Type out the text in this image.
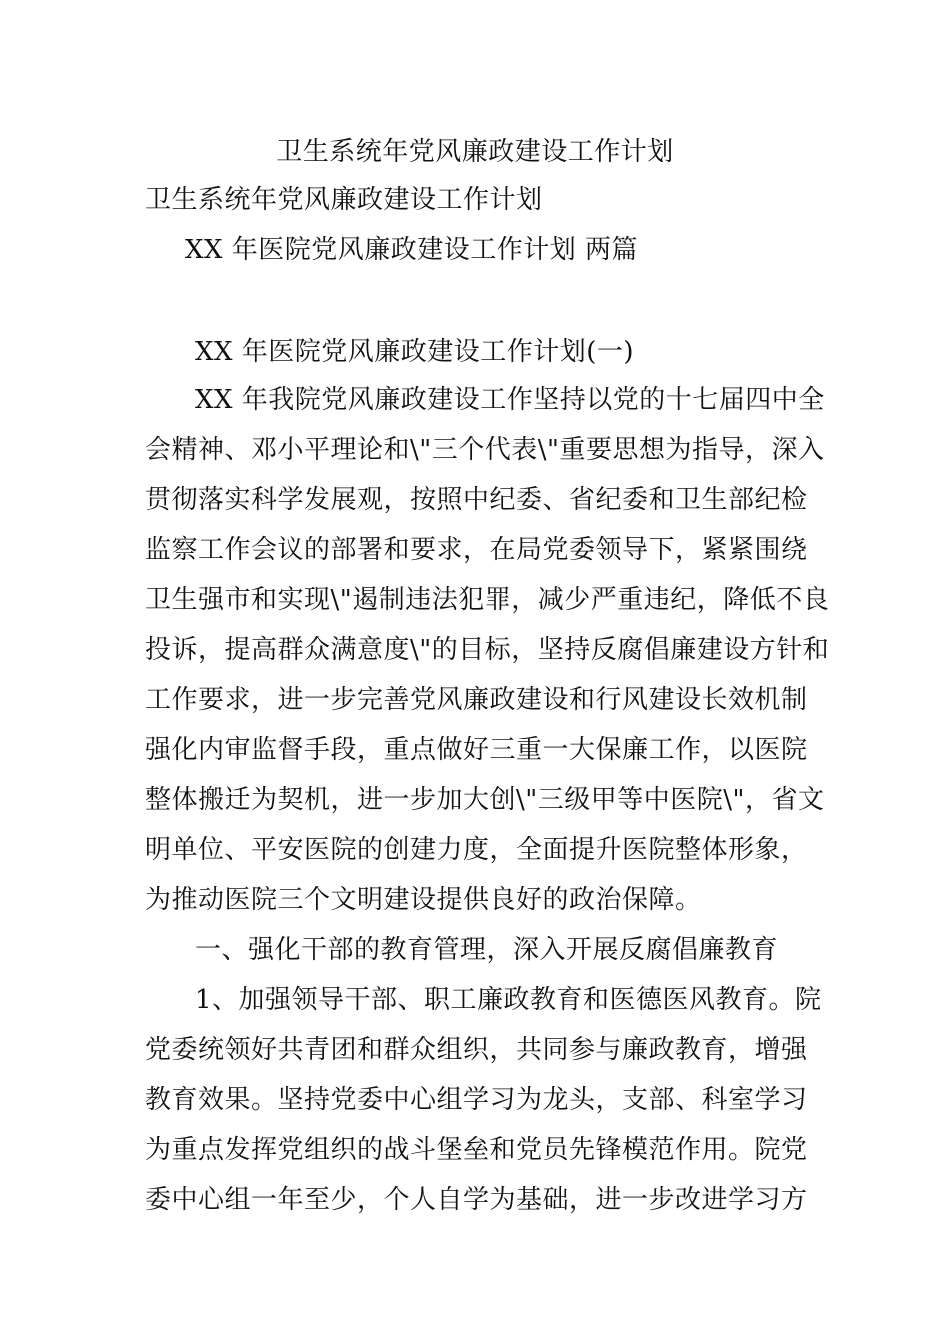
卫生系统年党风廉政建设工作计划
卫生系统年党风廉政建设工作计划
XX 年医院党风廉政建设工作计划 两篇
XX 年医院党风廉政建设工作计划(一)
XX 年我院党风廉政建设工作坚持以党的十七届四中全
会精神、邓小平理论和\"三个代表\"重要思想为指导，深入
贯彻落实科学发展观，按照中纪委、省纪委和卫生部纪检
监察工作会议的部署和要求，在局党委领导下，紧紧围绕
卫生强市和实现\"遏制违法犯罪，减少严重违纪，降低不良
投诉，提高群众满意度\"的目标，坚持反腐倡廉建设方针和
工作要求，进一步完善党风廉政建设和行风建设长效机制
强化内审监督手段，重点做好三重一大保廉工作，以医院
整体搬迁为契机，进一步加大创\"三级甲等中医院\"，省文
明单位、平安医院的创建力度，全面提升医院整体形象，
为推动医院三个文明建设提供良好的政治保障。
一、强化干部的教育管理，深入开展反腐倡廉教育
1、加强领导干部、职工廉政教育和医德医风教育。院
党委统领好共青团和群众组织，共同参与廉政教育，增强
教育效果。坚持党委中心组学习为龙头，支部、科室学习
为重点发挥党组织的战斗堡垒和党员先锋模范作用。院党
委中心组一年至少，个人自学为基础，进一步改进学习方
